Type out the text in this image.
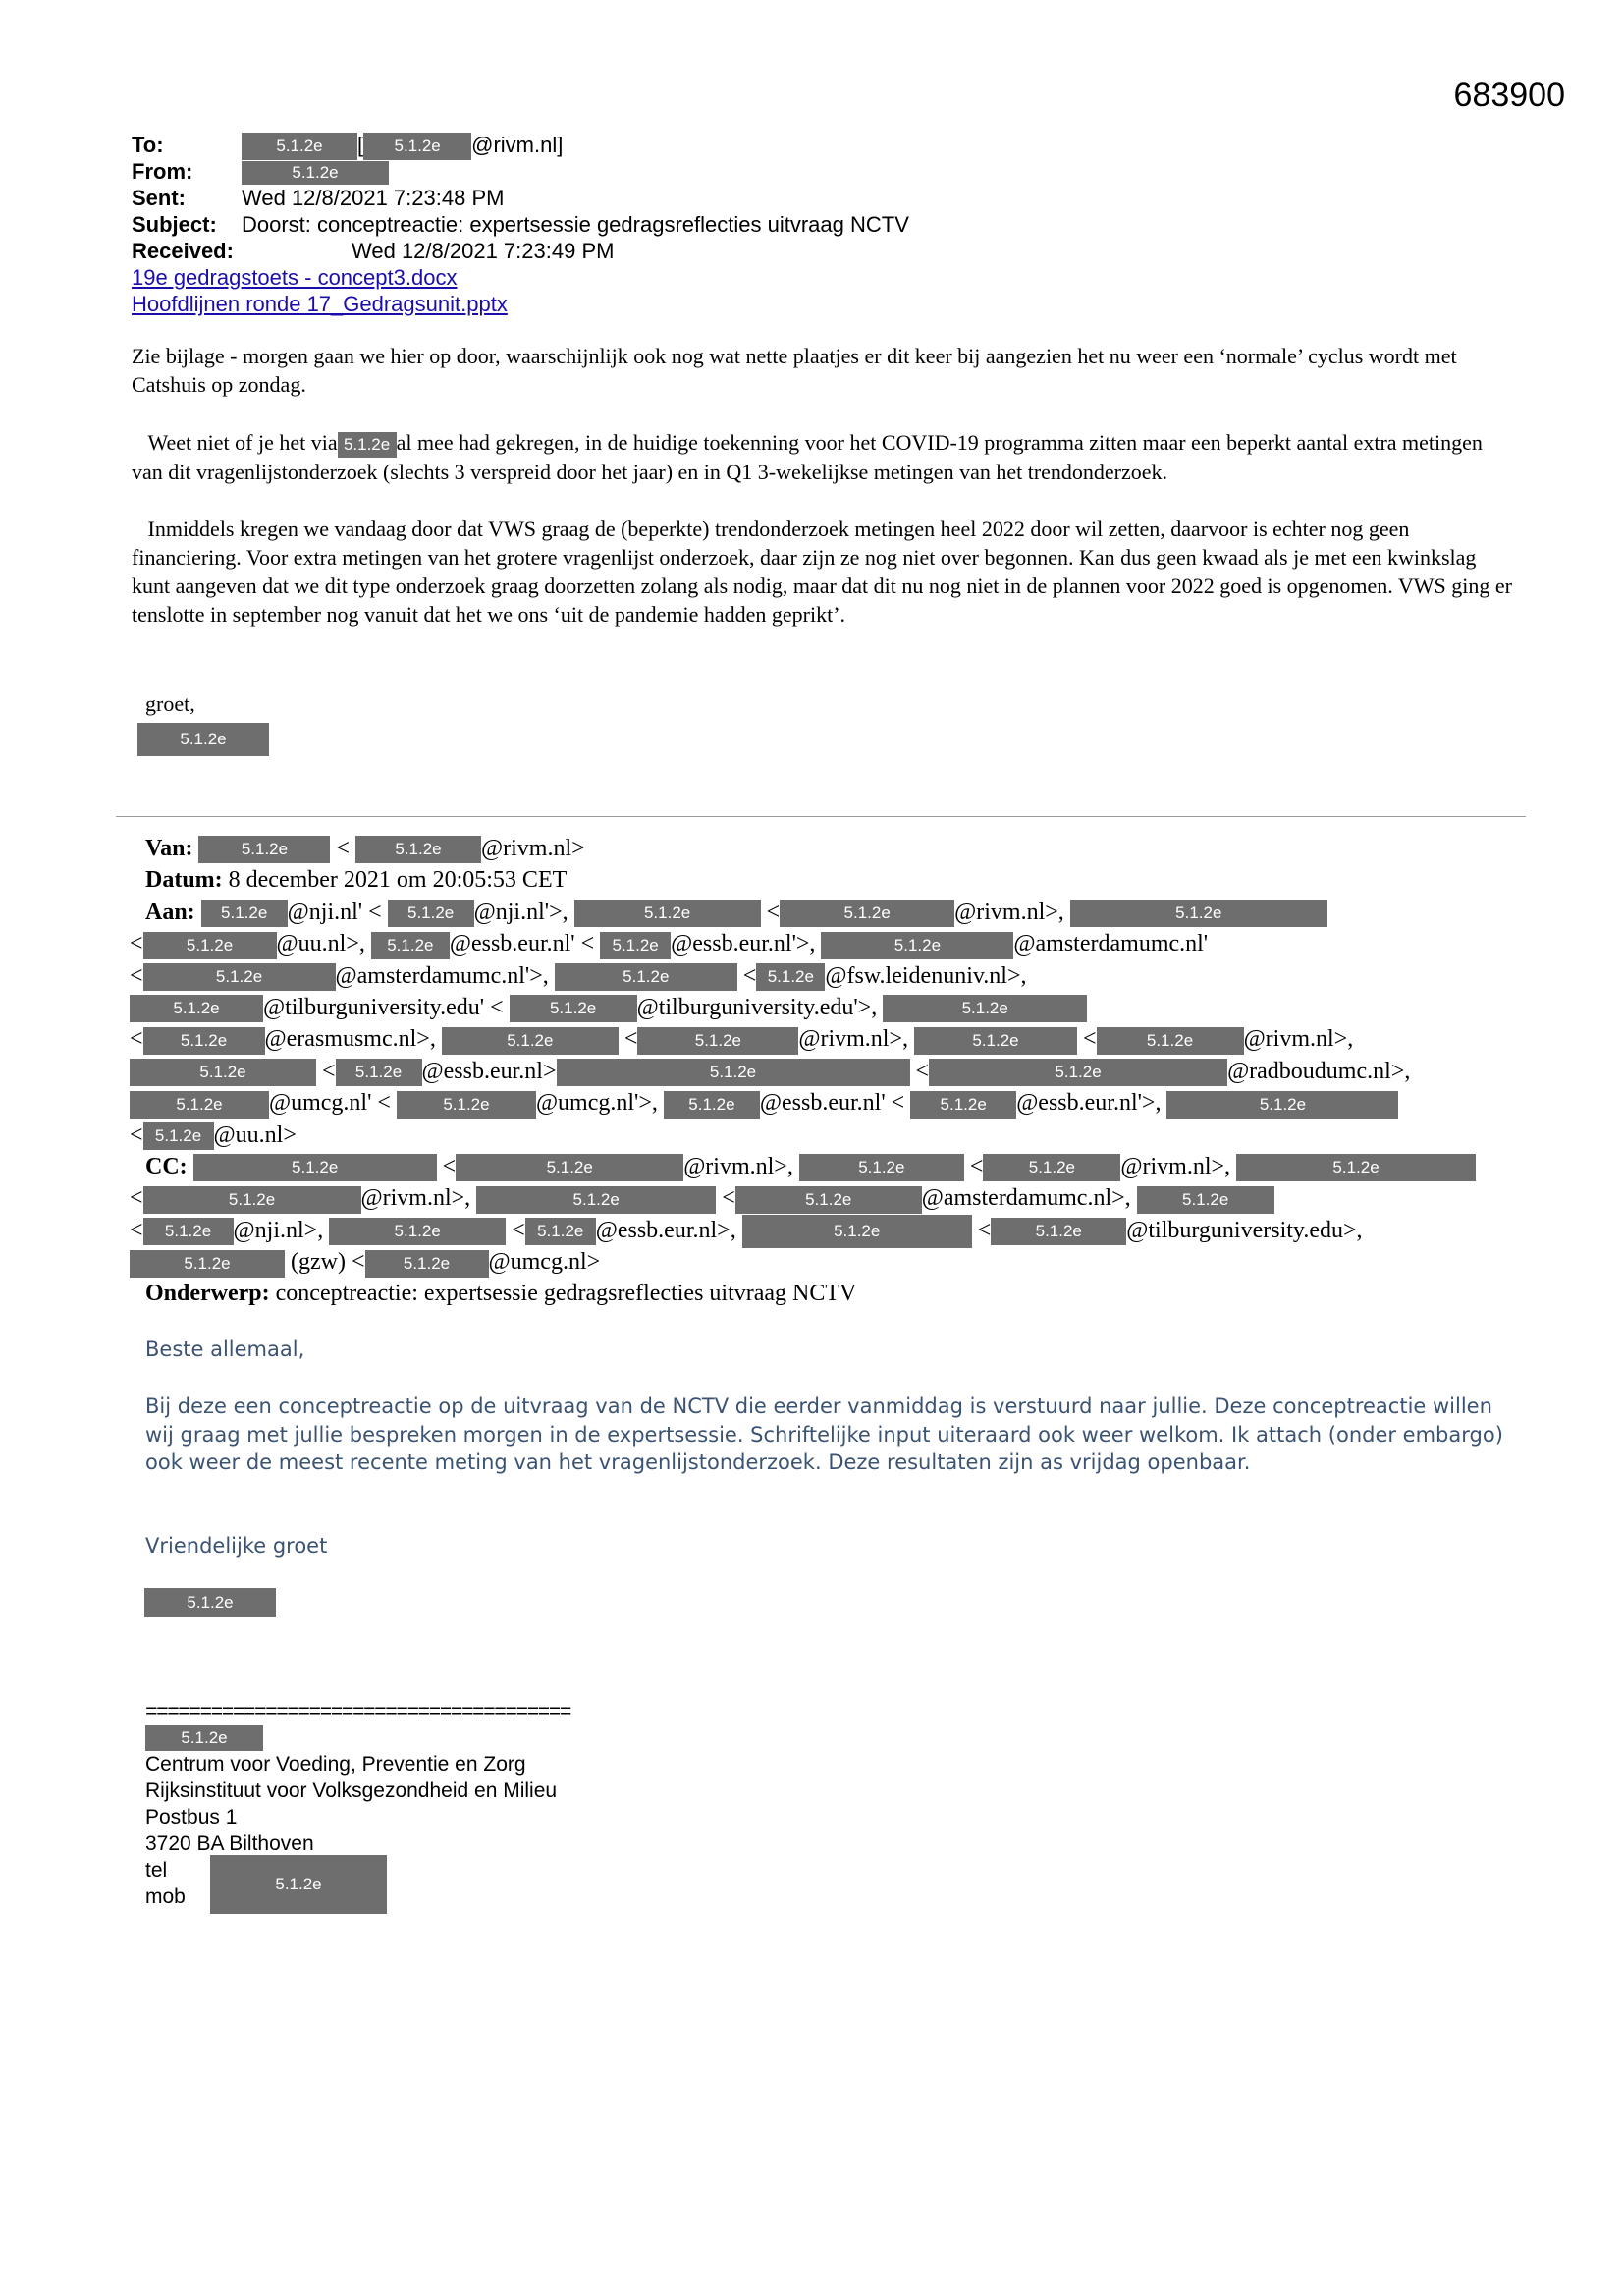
683900
To:	5.1.2e [ 5.1.2e @rivm.nl]
From:	5.1.2e
Sent:	Wed 12/8/2021 7:23:48 PM
Subject: Doorst: conceptreactie: expertsessie gedragsreflecties uitvraag NCTV
Received:	Wed 12/8/2021 7:23:49 PM
19e gedragstoets - concept3.docx
Hoofdlijnen ronde 17_Gedragsunit.pptx
Zie bijlage - morgen gaan we hier op door, waarschijnlijk ook nog wat nette plaatjes er dit keer bij aangezien het nu weer een ‘normale’ cyclus wordt met Catshuis op zondag.
Weet niet of je het via 5.1.2e al mee had gekregen, in de huidige toekenning voor het COVID-19 programma zitten maar een beperkt aantal extra metingen van dit vragenlijstonderzoek (slechts 3 verspreid door het jaar) en in Q1 3-wekelijkse metingen van het trendonderzoek.
Inmiddels kregen we vandaag door dat VWS graag de (beperkte) trendonderzoek metingen heel 2022 door wil zetten, daarvoor is echter nog geen financiering. Voor extra metingen van het grotere vragenlijst onderzoek, daar zijn ze nog niet over begonnen. Kan dus geen kwaad als je met een kwinkslag kunt aangeven dat we dit type onderzoek graag doorzetten zolang als nodig, maar dat dit nu nog niet in de plannen voor 2022 goed is opgenomen. VWS ging er tenslotte in september nog vanuit dat het we ons ‘uit de pandemie hadden geprikt’.
groet,
5.1.2e
Van:	5.1.2e < 5.1.2e @rivm.nl>
Datum: 8 december 2021 om 20:05:53 CET
Aan: 5.1.2e @nji.nl' < 5.1.2e @nji.nl'>,	5.1.2e	<	5.1.2e	@rivm.nl>,	5.1.2e
<	5.1.2e @uu.nl>, 5.1.2e @essb.eur.nl' < 5.1.2e @essb.eur.nl'>,	5.1.2e	@amsterdamumc.nl'
<	5.1.2e	@amsterdamumc.nl'>,	5.1.2e	< 5.1.2e @fsw.leidenuniv.nl>,
5.1.2e @tilburguniversity.edu' <	5.1.2e @tilburguniversity.edu'>,	5.1.2e
< 5.1.2e @erasmusmc.nl>,	5.1.2e	<	5.1.2e @rivm.nl>,	5.1.2e	<	5.1.2e @rivm.nl>,
5.1.2e	< 5.1.2e @essb.eur.nl>	5.1.2e	<	5.1.2e	@radboudumc.nl>,
5.1.2e @umcg.nl' <	5.1.2e @umcg.nl'>, 5.1.2e @essb.eur.nl' < 5.1.2e @essb.eur.nl'>,	5.1.2e
< 5.1.2e @uu.nl>
CC:	5.1.2e	<	5.1.2e	@rivm.nl>,	5.1.2e	<	5.1.2e @rivm.nl>,	5.1.2e
<	5.1.2e	@rivm.nl>,	5.1.2e	<	5.1.2e	@amsterdamumc.nl>,	5.1.2e
< 5.1.2e @nji.nl>,	5.1.2e	< 5.1.2e @essb.eur.nl>,	5.1.2e	<	5.1.2e @tilburguniversity.edu>,
5.1.2e	(gzw) < 5.1.2e @umcg.nl>
Onderwerp: conceptreactie: expertsessie gedragsreflecties uitvraag NCTV
Beste allemaal,
Bij deze een conceptreactie op de uitvraag van de NCTV die eerder vanmiddag is verstuurd naar jullie. Deze conceptreactie willen wij graag met jullie bespreken morgen in de expertsessie. Schriftelijke input uiteraard ook weer welkom. Ik attach (onder embargo) ook weer de meest recente meting van het vragenlijstonderzoek. Deze resultaten zijn as vrijdag openbaar.
Vriendelijke groet
5.1.2e
=======================================
5.1.2e
Centrum voor Voeding, Preventie en Zorg
Rijksinstituut voor Volksgezondheid en Milieu
Postbus 1
3720 BA Bilthoven
tel
mob
5.1.2e
